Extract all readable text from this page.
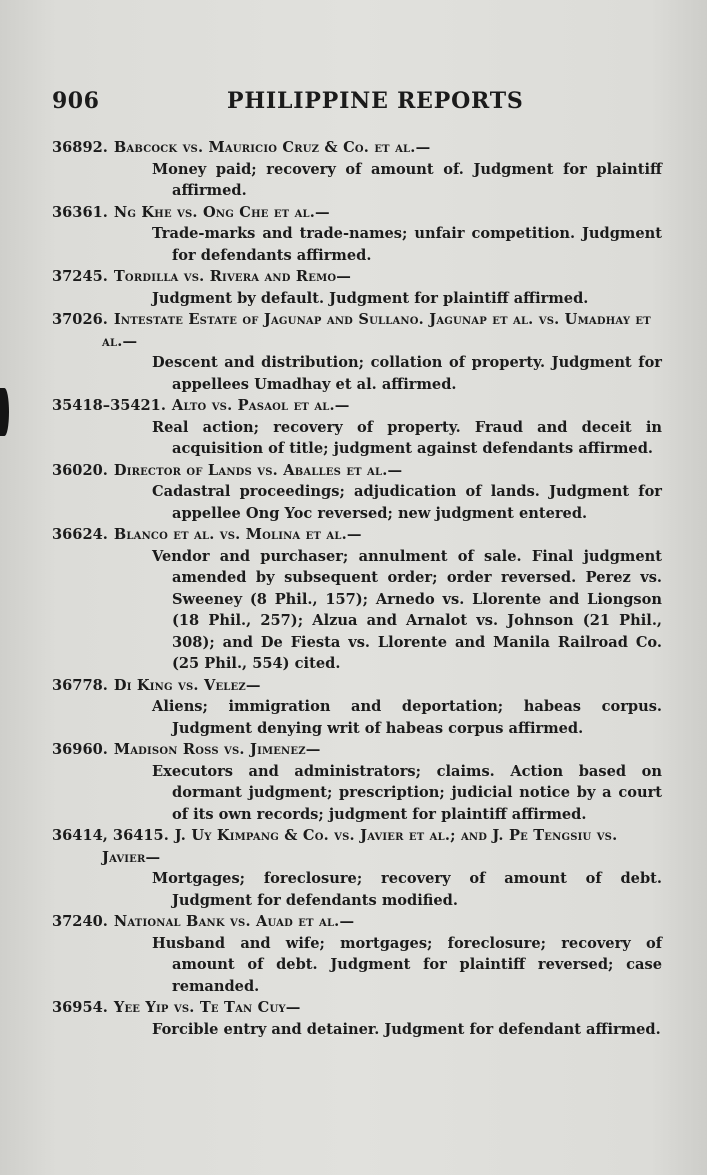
906	PHILIPPINE REPORTS
36892. Babcock vs. Mauricio Cruz & Co. et al.—
Money paid; recovery of amount of. Judgment for plaintiff affirmed.
36361. Ng Khe vs. Ong Che et al.—
Trade-marks and trade-names; unfair competition. Judgment for defendants affirmed.
37245. Tordilla vs. Rivera and Remo—
Judgment by default. Judgment for plaintiff affirmed.
37026. Intestate Estate of Jagunap and Sullano. Jagunap et al. vs. Umadhay et al.—
Descent and distribution; collation of property. Judgment for appellees Umadhay et al. affirmed.
35418–35421. Alto vs. Pasaol et al.—
Real action; recovery of property. Fraud and deceit in acquisition of title; judgment against defendants affirmed.
36020. Director of Lands vs. Aballes et al.—
Cadastral proceedings; adjudication of lands. Judgment for appellee Ong Yoc reversed; new judgment entered.
36624. Blanco et al. vs. Molina et al.—
Vendor and purchaser; annulment of sale. Final judgment amended by subsequent order; order reversed. Perez vs. Sweeney (8 Phil., 157); Arnedo vs. Llorente and Liongson (18 Phil., 257); Alzua and Arnalot vs. Johnson (21 Phil., 308); and De Fiesta vs. Llorente and Manila Railroad Co. (25 Phil., 554) cited.
36778. Di King vs. Velez—
Aliens; immigration and deportation; habeas corpus. Judgment denying writ of habeas corpus affirmed.
36960. Madison Ross vs. Jimenez—
Executors and administrators; claims. Action based on dormant judgment; prescription; judicial notice by a court of its own records; judgment for plaintiff affirmed.
36414, 36415. J. Uy Kimpang & Co. vs. Javier et al.; and J. Pe Tengsiu vs. Javier—
Mortgages; foreclosure; recovery of amount of debt. Judgment for defendants modified.
37240. National Bank vs. Auad et al.—
Husband and wife; mortgages; foreclosure; recovery of amount of debt. Judgment for plaintiff reversed; case remanded.
36954. Yee Yip vs. Te Tan Cuy—
Forcible entry and detainer. Judgment for defendant affirmed.
